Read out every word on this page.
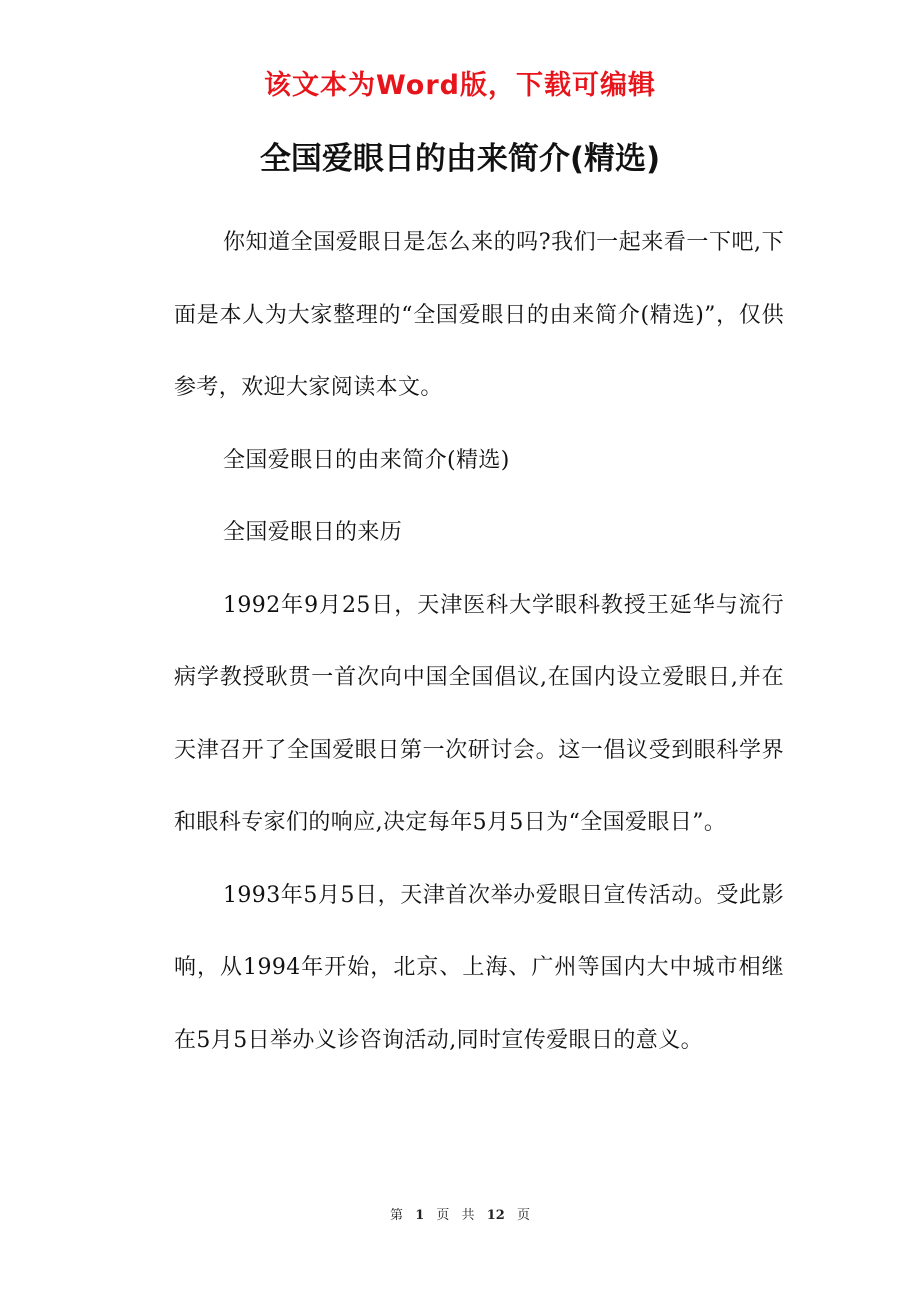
该文本为Word版，下载可编辑
全国爱眼日的由来简介(精选)

你知道全国爱眼日是怎么来的吗?我们一起来看一下吧,下面是本人为大家整理的“全国爱眼日的由来简介(精选)”，仅供参考，欢迎大家阅读本文。

全国爱眼日的由来简介(精选)

全国爱眼日的来历

1992年9月25日，天津医科大学眼科教授王延华与流行病学教授耿贯一首次向中国全国倡议,在国内设立爱眼日,并在天津召开了全国爱眼日第一次研讨会。这一倡议受到眼科学界和眼科专家们的响应,决定每年5月5日为“全国爱眼日”。

1993年5月5日，天津首次举办爱眼日宣传活动。受此影响，从1994年开始，北京、上海、广州等国内大中城市相继在5月5日举办义诊咨询活动,同时宣传爱眼日的意义。

第 1 页 共 12 页
